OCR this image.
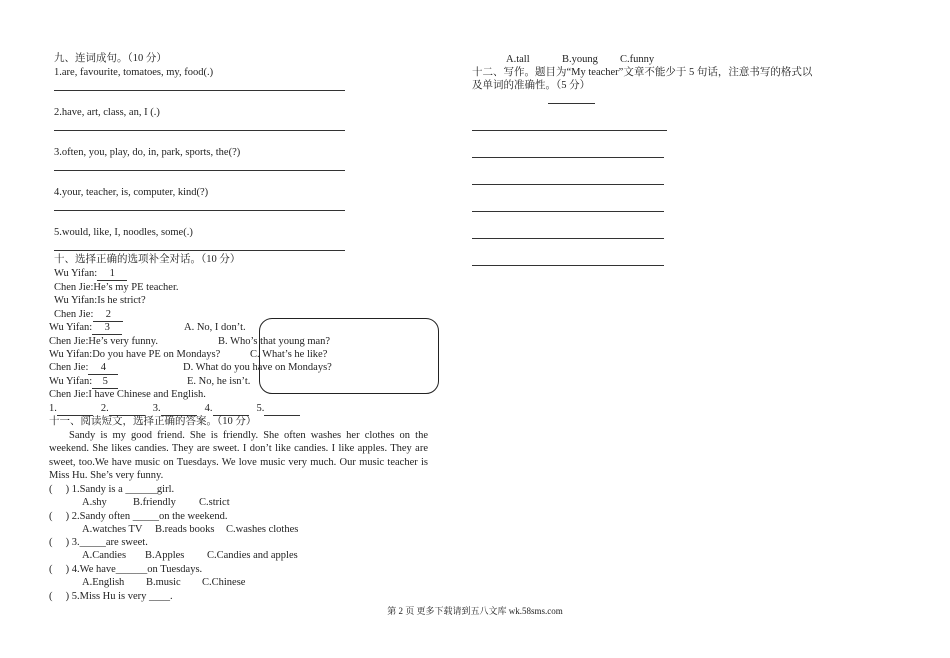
九、连词成句。（10 分）
1.are, favourite, tomatoes, my, food(.)
2.have, art, class, an, I (.)
3.often, you, play, do, in, park, sports, the(?)
4.your, teacher, is, computer, kind(?)
5.would, like, I, noodles, some(.)
十、选择正确的选项补全对话。（10 分）
Wu Yifan: 1
Chen Jie:He’s my PE teacher.
Wu Yifan:Is he strict?
Chen Jie: 2
Wu Yifan: 3
Chen Jie:He’s very funny.
Wu Yifan:Do you have PE on Mondays?
Chen Jie: 4
Wu Yifan: 5
Chen Jie:I have Chinese and English.
A. No, I don’t.
B. Who’s that young man?
C. What’s he like?
D. What do you have on Mondays?
E. No, he isn’t.
1.	2.	3.	4.	5.
十一、阅读短文，选择正确的答案。（10 分）
Sandy is my good friend. She is friendly. She often washes her clothes on the weekend. She likes candies. They are sweet. I don’t like candies. I like apples. They are sweet, too.We have music on Tuesdays. We love music very much. Our music teacher is Miss Hu. She’s very funny.
(     ) 1.Sandy is a ______girl.
A.shy B.friendly C.strict
(     ) 2.Sandy often _____on the weekend.
A.watches TV B.reads books C.washes clothes
(     ) 3._____are sweet.
A.Candies B.Apples C.Candies and apples
(     ) 4.We have______on Tuesdays.
A.English B.music C.Chinese
(     ) 5.Miss Hu is very ____.
A.tall	B.young C.funny
十二、写作。题目为“My teacher”文章不能少于 5 句话，注意书写的格式以
及单词的准确性。（5 分）
第 2 页 更多下载请到五八文库 wk.58sms.com
